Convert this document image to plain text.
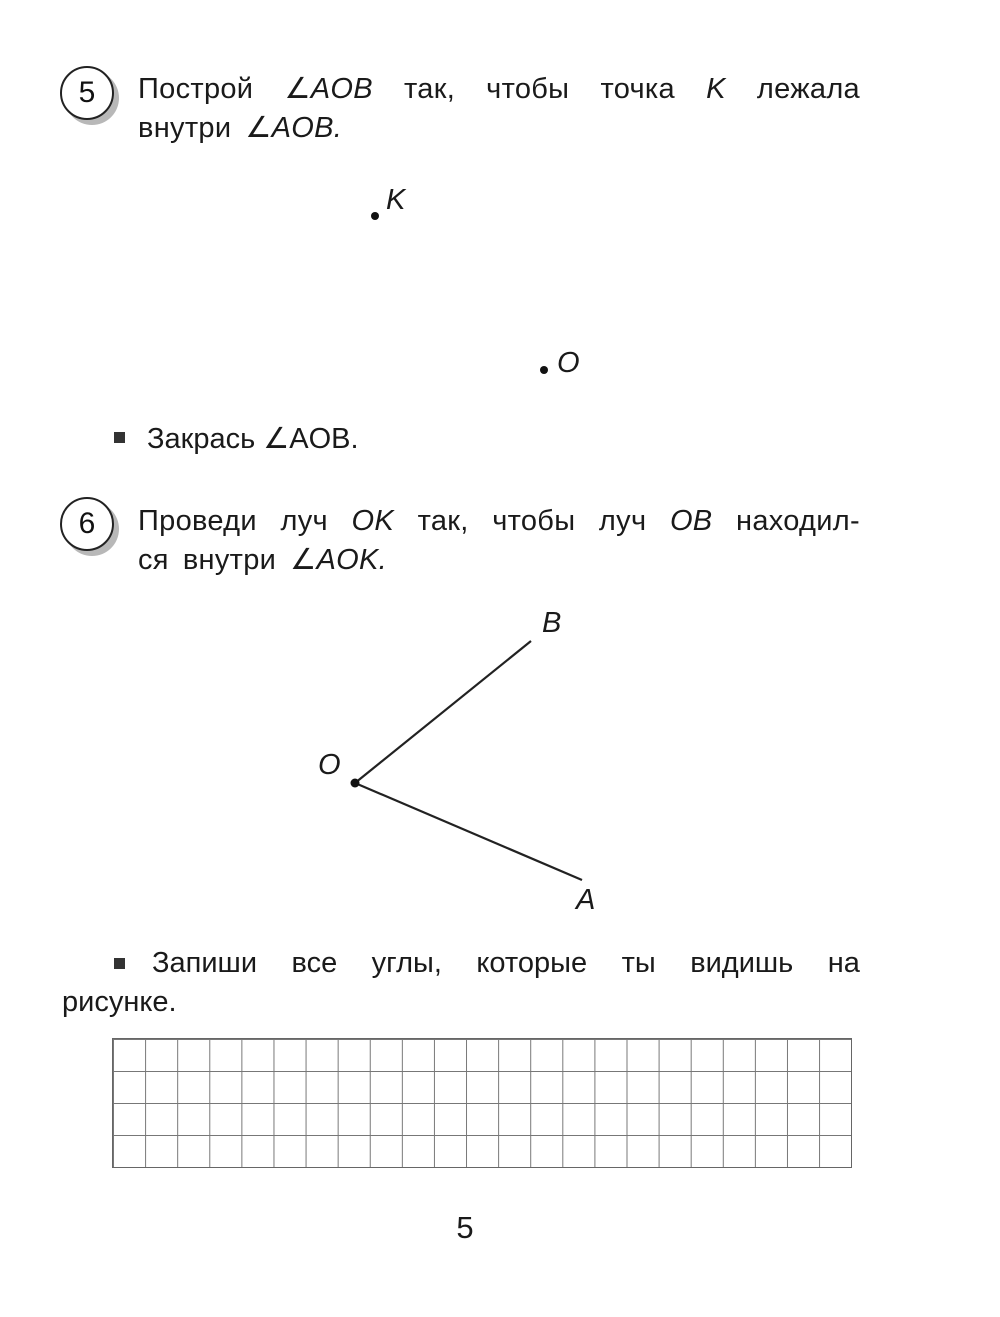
5 Построй ∠AOB так, чтобы точка K лежала
внутри ∠AOB.
K
O
Закрась ∠AOB.
6 Проведи луч OK так, чтобы луч OB находил-
ся внутри ∠AOK.
O
B
A
Запиши все углы, которые ты видишь на
рисунке.
5
